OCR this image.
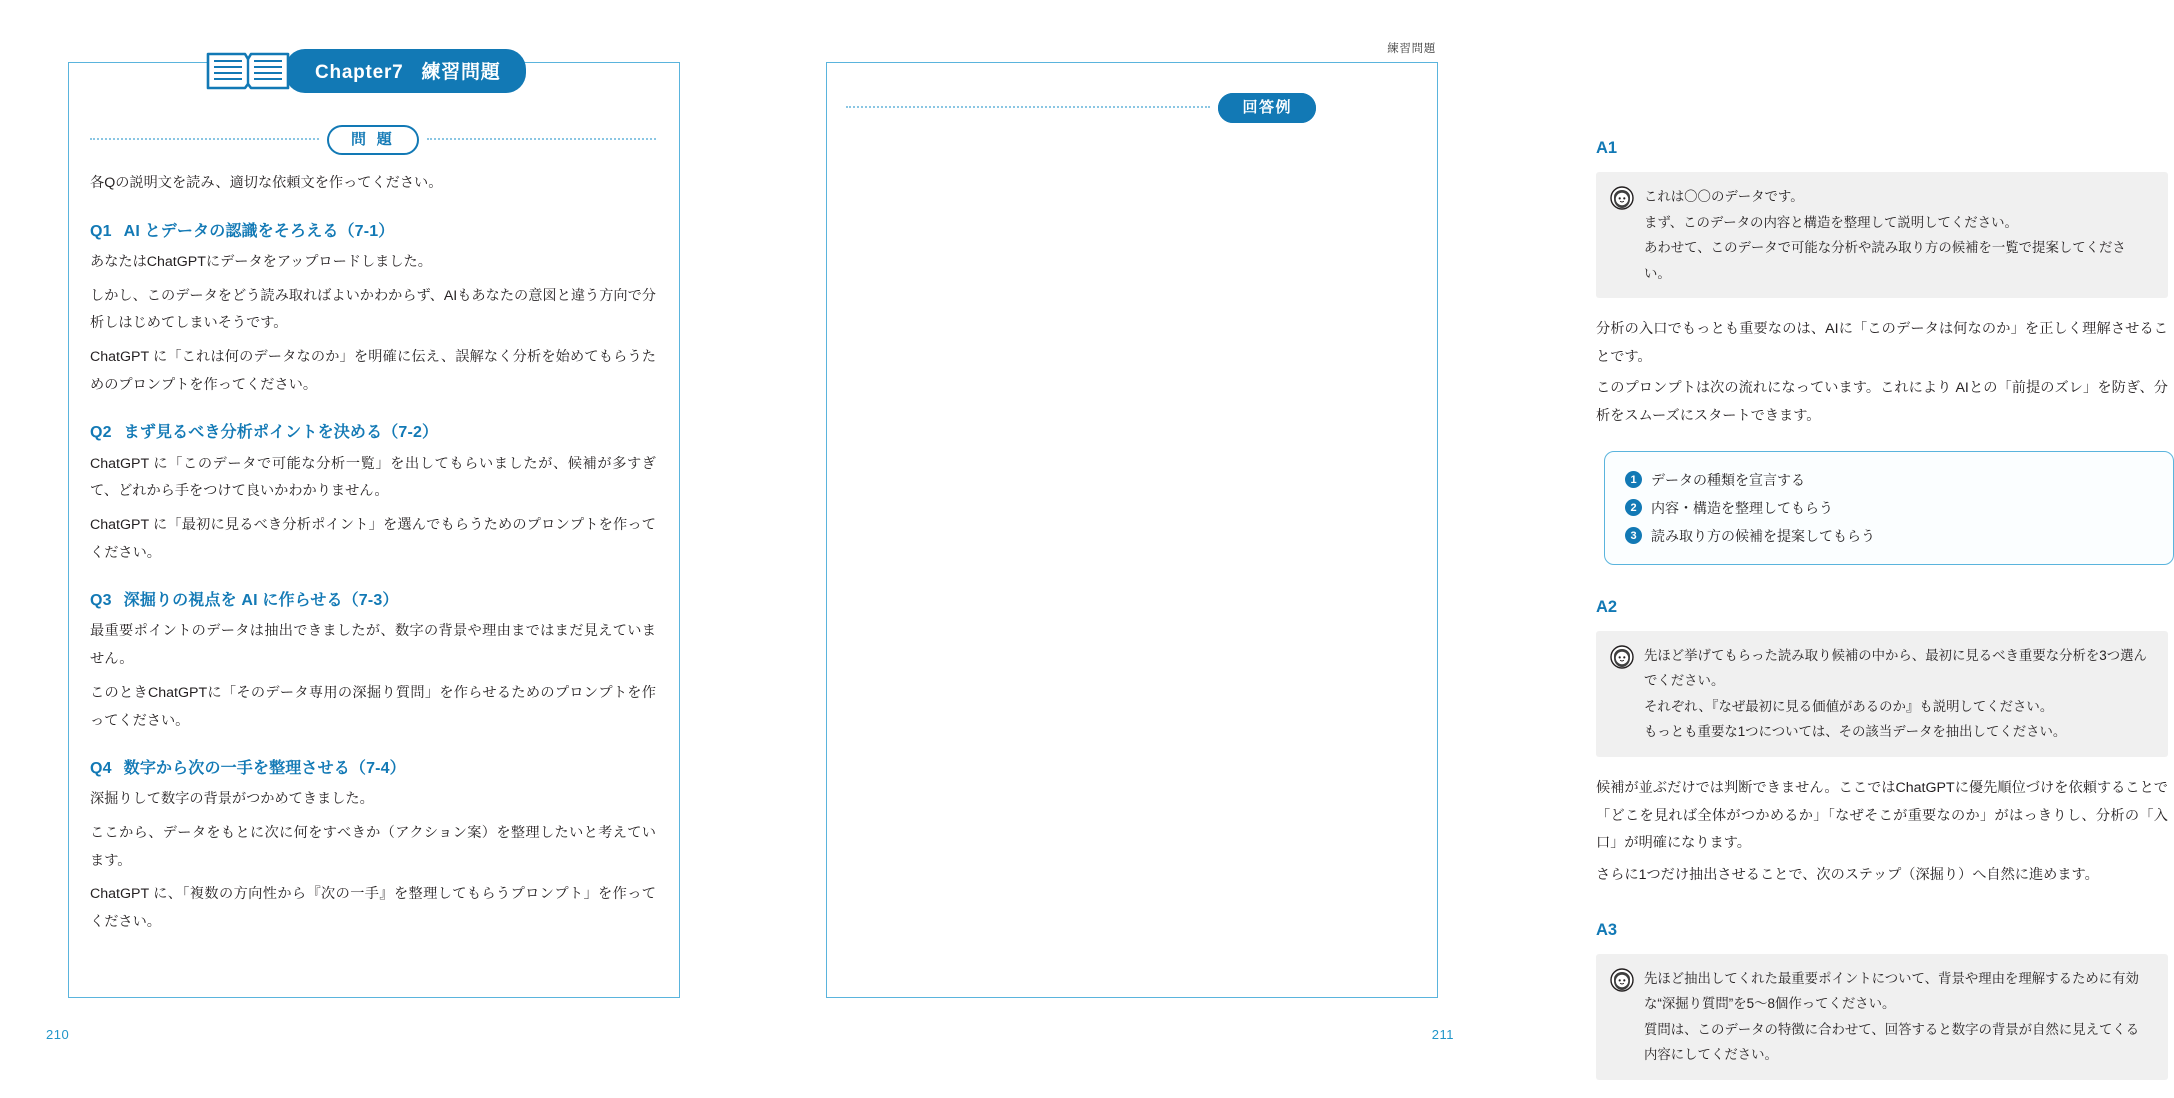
Chapter7 練習問題
問 題

各Qの説明文を読み、適切な依頼文を作ってください。

Q1 AI とデータの認識をそろえる（7-1）

あなたはChatGPTにデータをアップロードしました。

しかし、このデータをどう読み取ればよいかわからず、AIもあなたの意図と違う方向で分析しはじめてしまいそうです。

ChatGPT に「これは何のデータなのか」を明確に伝え、誤解なく分析を始めてもらうためのプロンプトを作ってください。

Q2 まず見るべき分析ポイントを決める（7-2）

ChatGPT に「このデータで可能な分析一覧」を出してもらいましたが、候補が多すぎて、どれから手をつけて良いかわかりません。

ChatGPT に「最初に見るべき分析ポイント」を選んでもらうためのプロンプトを作ってください。

Q3 深掘りの視点を AI に作らせる（7-3）

最重要ポイントのデータは抽出できましたが、数字の背景や理由まではまだ見えていません。

このときChatGPTに「そのデータ専用の深掘り質問」を作らせるためのプロンプトを作ってください。

Q4 数字から次の一手を整理させる（7-4）

深掘りして数字の背景がつかめてきました。

ここから、データをもとに次に何をすべきか（アクション案）を整理したいと考えています。

ChatGPT に、「複数の方向性から『次の一手』を整理してもらうプロンプト」を作ってください。

210
練習問題
回答例
A1

これは〇〇のデータです。

まず、このデータの内容と構造を整理して説明してください。

あわせて、このデータで可能な分析や読み取り方の候補を一覧で提案してください。

分析の入口でもっとも重要なのは、AIに「このデータは何なのか」を正しく理解させることです。

このプロンプトは次の流れになっています。これにより AIとの「前提のズレ」を防ぎ、分析をスムーズにスタートできます。

1	データの種類を宣言する
2	内容・構造を整理してもらう
3	読み取り方の候補を提案してもらう
A2

先ほど挙げてもらった読み取り候補の中から、最初に見るべき重要な分析を3つ選んでください。

それぞれ、『なぜ最初に見る価値があるのか』も説明してください。

もっとも重要な1つについては、その該当データを抽出してください。

候補が並ぶだけでは判断できません。ここではChatGPTに優先順位づけを依頼することで「どこを見れば全体がつかめるか」「なぜそこが重要なのか」がはっきりし、分析の「入口」が明確になります。

さらに1つだけ抽出させることで、次のステップ（深掘り）へ自然に進めます。

A3

先ほど抽出してくれた最重要ポイントについて、背景や理由を理解するために有効な“深掘り質問”を5〜8個作ってください。

質問は、このデータの特徴に合わせて、回答すると数字の背景が自然に見えてくる内容にしてください。

211
